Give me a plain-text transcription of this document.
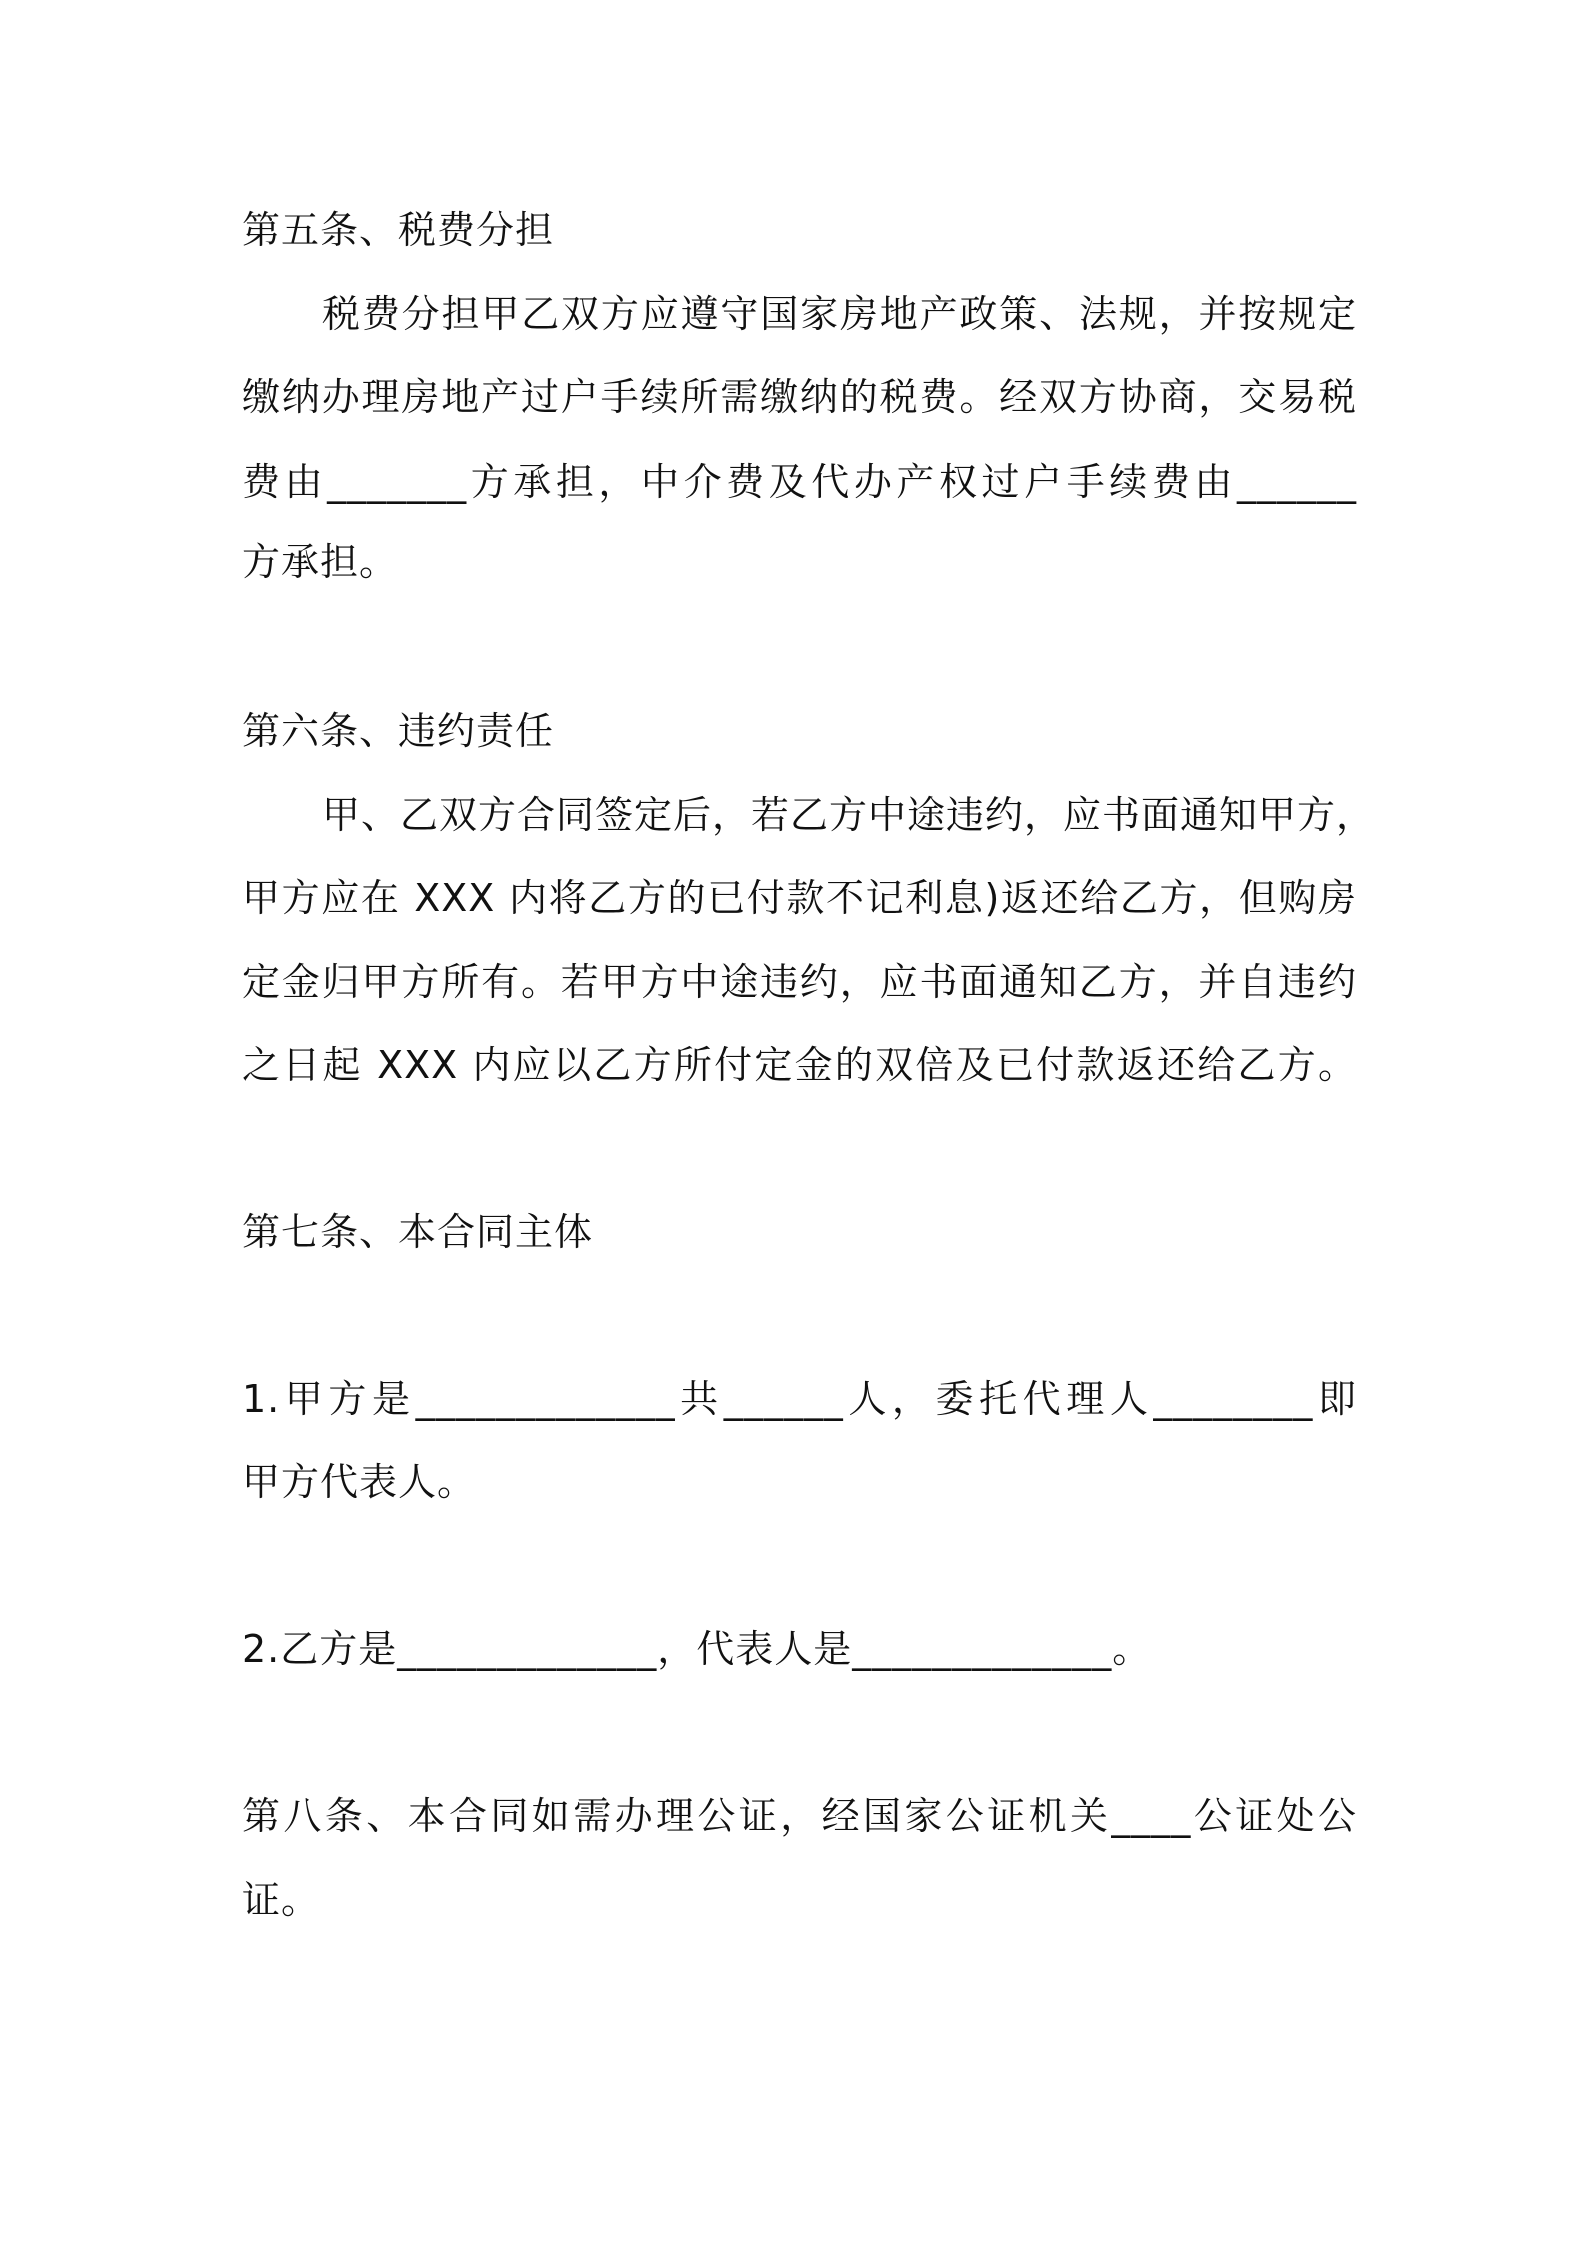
第五条、税费分担
税费分担甲乙双方应遵守国家房地产政策、法规，并按规定
缴纳办理房地产过户手续所需缴纳的税费。经双方协商，交易税
费由_______方承担，中介费及代办产权过户手续费由______
方承担。
第六条、违约责任
甲、乙双方合同签定后，若乙方中途违约，应书面通知甲方，
甲方应在 XXX 内将乙方的已付款不记利息)返还给乙方，但购房
定金归甲方所有。若甲方中途违约，应书面通知乙方，并自违约
之日起 XXX 内应以乙方所付定金的双倍及已付款返还给乙方。
第七条、本合同主体
1.甲方是_____________共______人，委托代理人________即
甲方代表人。
2.乙方是_____________，代表人是_____________。
第八条、本合同如需办理公证，经国家公证机关____公证处公
证。
